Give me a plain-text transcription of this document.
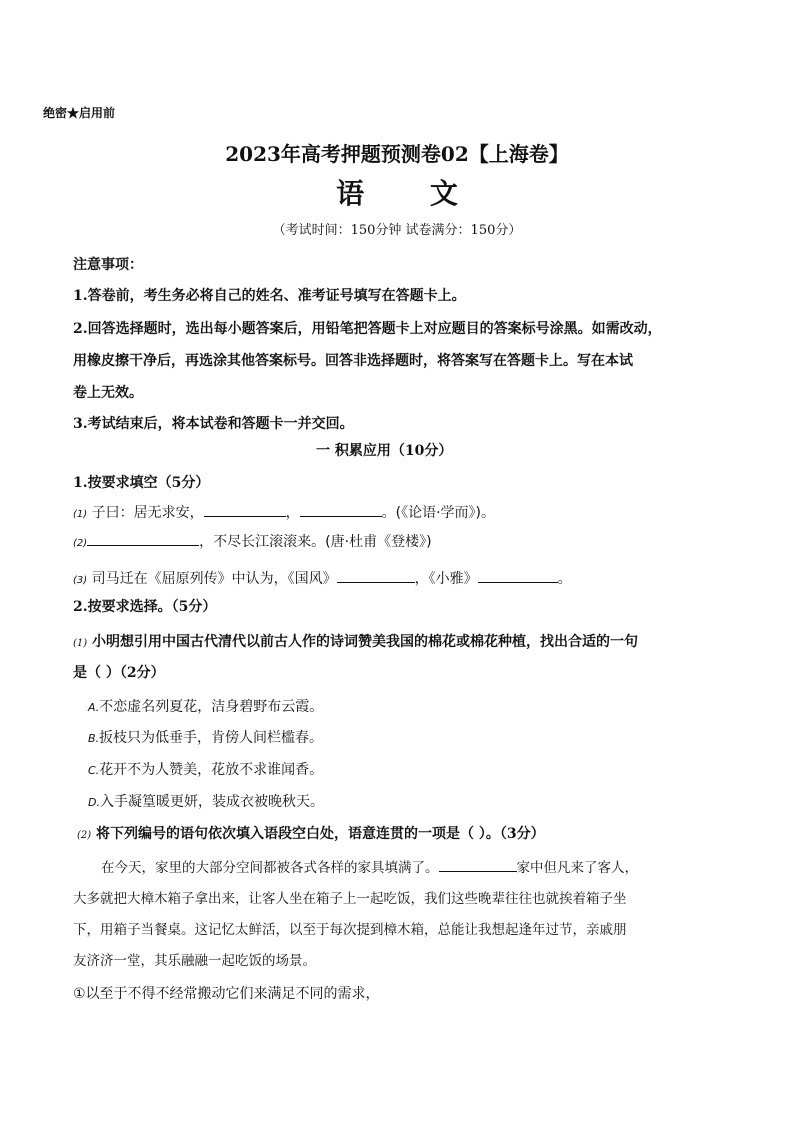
绝密★启用前
2023年高考押题预测卷02【上海卷】
语 文
（考试时间：150分钟 试卷满分：150分）
注意事项：
1.答卷前，考生务必将自己的姓名、准考证号填写在答题卡上。
2.回答选择题时，选出每小题答案后，用铅笔把答题卡上对应题目的答案标号涂黑。如需改动，
用橡皮擦干净后，再选涂其他答案标号。回答非选择题时，将答案写在答题卡上。写在本试
卷上无效。
3.考试结束后，将本试卷和答题卡一并交回。
一 积累应用（10分）
1.按要求填空（5分）
(1) 子曰：居无求安，	，	。(《论语·学而》)。
(2)	，不尽长江滚滚来。(唐·杜甫《登楼》)
(3) 司马迁在《屈原列传》中认为，《国风》	，《小雅》	。
2.按要求选择。（5分）
(1) 小明想引用中国古代清代以前古人作的诗词赞美我国的棉花或棉花种植，找出合适的一句
是（ ）（2分）
A.不恋虚名列夏花，洁身碧野布云霞。
B.扳枝只为低垂手，肯傍人间栏槛春。
C.花开不为人赞美，花放不求谁闻香。
D.入手凝篁暖更妍，装成衣被晚秋天。
(2) 将下列编号的语句依次填入语段空白处，语意连贯的一项是（ ）。（3分）
在今天，家里的大部分空间都被各式各样的家具填满了。	家中但凡来了客人，
大多就把大樟木箱子拿出来，让客人坐在箱子上一起吃饭，我们这些晚辈往往也就挨着箱子坐
下，用箱子当餐桌。这记忆太鲜活，以至于每次提到樟木箱，总能让我想起逢年过节，亲戚朋
友济济一堂，其乐融融一起吃饭的场景。
①以至于不得不经常搬动它们来满足不同的需求，
